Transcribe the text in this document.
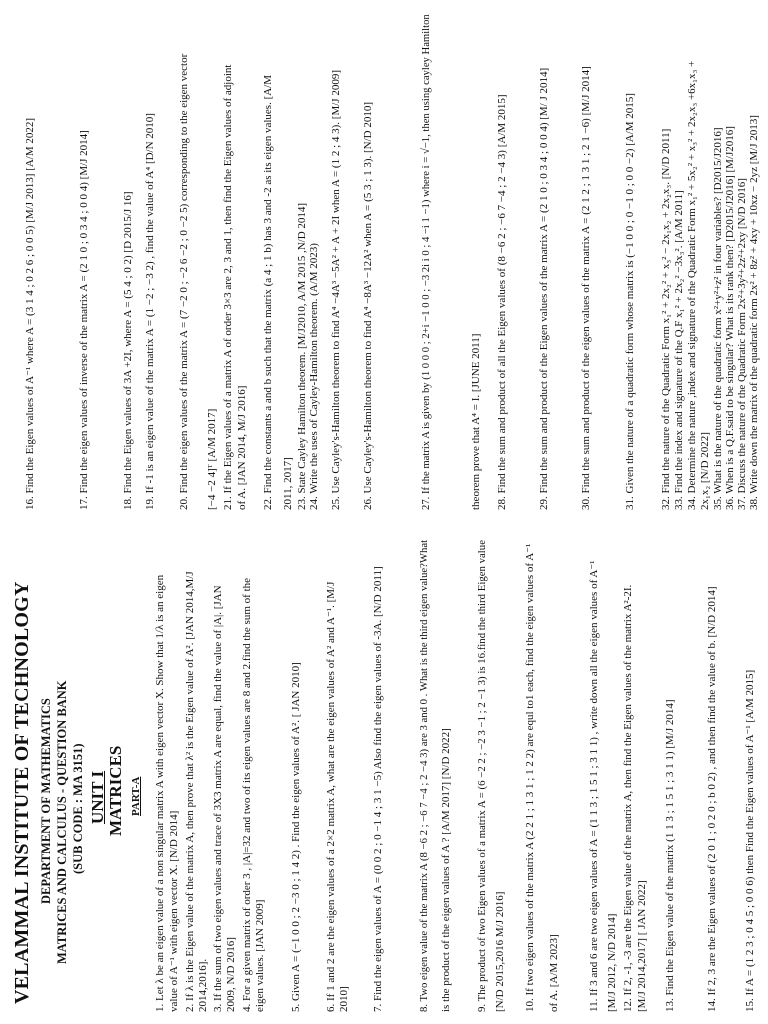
VELAMMAL INSTITUTE OF TECHNOLOGY DEPARTMENT OF MATHEMATICS MATRICES AND CALCULUS - QUESTION BANK (SUB CODE : MA 3151) UNIT I MATRICES PART-A 1. Let λ be an eigen value of a non singular matrix A with eigen vector X. Show that 1/λ is an eigen value of A⁻¹ with eigen vector X. [N/D 2014] 2. If λ is the Eigen value of the matrix A, then prove that λ² is the Eigen value of A². [JAN 2014,M/J 2014,2016]. 3. If the sum of two eigen values and trace of 3X3 matrix A are equal, find the value of |A|. [JAN 2009, N/D 2016] 4. For a given matrix of order 3 , |A|=32 and two of its eigen values are 8 and 2.find the sum of the eigen values. [JAN 2009] 5. Given A = (−1 0 0 ; 2 −3 0 ; 1 4 2) . Find the eigen values of A². [ JAN 2010] 6. If 1 and 2 are the eigen values of a 2×2 matrix A, what are the eigen values of A² and A⁻¹. [M/J 2010] 7. Find the eigen values of A = (0 0 2 ; 0 −1 4 ; 3 1 −5) Also find the eigen values of -3A. [N/D 2011]	8. Two eigen value of the matrix A (8 −6 2 ; −6 7 −4 ; 2 −4 3) are 3 and 0 . What is the third eigen value?What is the product of the eigen values of A ? [A/M 2017] [N/D 2022] 9. The product of two Eigen values of a matrix A = (6 −2 2 ; −2 3 −1 ; 2 −1 3) is 16.find the third Eigen value [N/D 2015,2016 M/J 2016] 10. If two eigen values of the matrix A (2 2 1 ; 1 3 1 ; 1 2 2) are equl to1 each, find the eigen values of A⁻¹ of A. [A/M 2023]	11. If 3 and 6 are two eigen values of A = (1 1 3 ; 1 5 1 ; 3 1 1) , write down all the eigen values of A⁻¹ [M/J 2012, N/D 2014] 12. If 2, -1, -3 are the Eigen value of the matrix A, then find the Eigen values of the matrix A²-2I. [M/J 2014,2017] [ JAN 2022] 13. Find the Eigen value of the matrix (1 1 3 ; 1 5 1 ; 3 1 1) [M/J 2014]	14. If 2, 3 are the Eigen values of (2 0 1 ; 0 2 0 ; b 0 2) , and then find the value of b. [N/D 2014] 15. If A = (1 2 3 ; 0 4 5 ; 0 0 6) then Find the Eigen values of A⁻¹ [A/M 2015]
16. Find the Eigen values of A⁻¹ where A = (3 1 4 ; 0 2 6 ; 0 0 5) [M/J 2013] [A/M 2022]	17. Find the eigen values of inverse of the matrix A = (2 1 0 ; 0 3 4 ; 0 0 4) [M/J 2014]	18. Find the Eigen values of 3A +2I, where A = (5 4 ; 0 2) [D 2015/J 16] 19. If -1 is an eigen value of the matrix A = (1 −2 ; −3 2) , find the value of A⁴ [D/N 2010] 20. Find the eigen values of the matrix A = (7 −2 0 ; −2 6 −2 ; 0 −2 5) corresponding to the eigen vector [−4 −2 4]ᵀ [A/M 2017] 21. If the Eigen values of a matrix A of order 3×3 are 2, 3 and 1, then find the Eigen values of adjoint of A. [JAN 2014, M/J 2016] 22. Find the constants a and b such that the matrix (a 4 ; 1 b) has 3 and -2 as its eigen values. [A/M 2011, 2017] 23. State Cayley Hamilton theorem. [M/J2010, A/M 2015 ,N/D 2014] 24. Write the uses of Cayley-Hamilton theorem. (A/M 2023) 25. Use Cayley's-Hamilton theorem to find A⁴ −4A³ −5A² + A + 2I when A = (1 2 ; 4 3). [M/J 2009] 26. Use Cayley's-Hamilton theorem to find A⁴ −8A³ −12A² when A = (5 3 ; 1 3). [N/D 2010]	27. If the matrix A is given by (1 0 0 0 ; 2+i −1 0 0 ; −3 2i i 0 ; 4 −i 1 −1) where i = √−1, then using cayley Hamilton	theorem prove that A⁴ = I. [JUNE 2011] 28. Find the sum and product of all the Eigen values of (8 −6 2 ; −6 7 −4 ; 2 −4 3) [A/M 2015]	29. Find the sum and product of the Eigen values of the matrix A = (2 1 0 ; 0 3 4 ; 0 0 4) [M/ J 2014]	30. Find the sum and product of the eigen values of the matrix A = (2 1 2 ; 1 3 1 ; 2 1 −6) [M/J 2014]	31. Given the nature of a quadratic form whose matrix is (−1 0 0 ; 0 −1 0 ; 0 0 −2) [A/M 2015] 32. Find the nature of the Quadratic Form x₁² + 2x₂² + x₃² − 2x₁x₂ + 2x₂x₃. [N/D 2011] 33. Find the index and signature of the Q.F x₁² + 2x₂² −3x₃². [A/M 2011] 34. Determine the nature ,index and signature of the Quadratic Form x₁² + 5x₂² + x₃² + 2x₂x₃ +6x₁x₃ + 2x₁x₂ [N/D 2022] 35. What is the nature of the quadratic form x²+y²+z² in four variables? [D2015/J2016] 36. When is a Q.F.said to be singular? What is its rank then? [D2015/J2016] [M/J2016] 37. Discuss the nature of the Quadratic Form 2x²+3y²+2z²+2xy [N/D 2016] 38. Write down the matrix of the quadratic form 2x² + 8z² + 4xy + 10xz − 2yz [M/J 2013]
